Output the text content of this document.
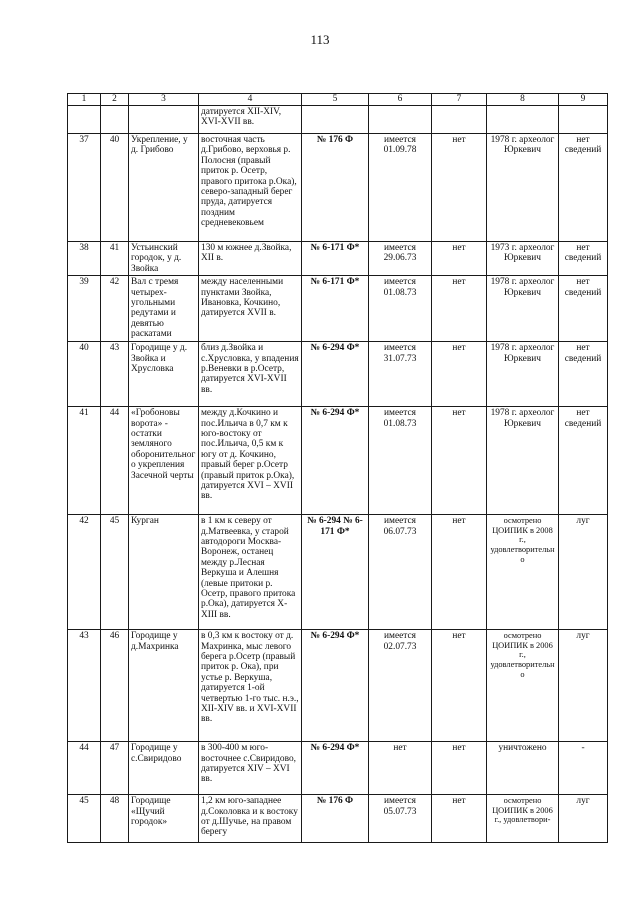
113
1	2	3	4	5	6	7	8	9
			датируется XII-XIV, XVI-XVII вв.					
37	40	Укрепление, у д. Грибово	восточная часть д.Грибово, верховья р. Полосня (правый приток р. Осетр, правого притока р.Ока), северо-западный берег пруда, датируется поздним средневековьем	№ 176 Ф	имеется 01.09.78	нет	1978 г. археолог Юркевич	нет сведений
38	41	Устьинский городок, у д. Звойка	130 м южнее д.Звойка, XII в.	№ 6-171 Ф*	имеется 29.06.73	нет	1973 г. археолог Юркевич	нет сведений
39	42	Вал с тремя четырех-угольными редутами и девятью раскатами	между населенными пунктами Звойка, Ивановка, Кочкино, датируется XVII в.	№ 6-171 Ф*	имеется 01.08.73	нет	1978 г. археолог Юркевич	нет сведений
40	43	Городище у д. Звойка и Хрусловка	близ д.Звойка и с.Хрусловка, у впадения р.Веневки в р.Осетр, датируется XVI-XVII вв.	№ 6-294 Ф*	имеется 31.07.73	нет	1978 г. археолог Юркевич	нет сведений
41	44	«Гробоновы ворота» - остатки земляного оборонительного укрепления Засечной черты	между д.Кочкино и пос.Ильича в 0,7 км к юго-востоку от пос.Ильича, 0,5 км к югу от д. Кочкино, правый берег р.Осетр (правый приток р.Ока), датируется XVI – XVII вв.	№ 6-294 Ф*	имеется 01.08.73	нет	1978 г. археолог Юркевич	нет сведений
42	45	Курган	в 1 км к северу от д.Матвеевка, у старой автодороги Москва-Воронеж, останец между р.Лесная Веркуша и Алешня (левые притоки р. Осетр, правого притока р.Ока), датируется X-XIII вв.	№ 6-294 № 6-171 Ф*	имеется 06.07.73	нет	осмотрено ЦОИПИК в 2008 г., удовлетворительно	луг
43	46	Городище у д.Махринка	в 0,3 км к востоку от д. Махринка, мыс левого берега р.Осетр (правый приток р. Ока), при устье р. Веркуша, датируется 1-ой четвертью 1-го тыс. н.э., XII-XIV вв. и XVI-XVII вв.	№ 6-294 Ф*	имеется 02.07.73	нет	осмотрено ЦОИПИК в 2006 г., удовлетворительно	луг
44	47	Городище у с.Свиридово	в 300-400 м юго-восточнее с.Свиридово, датируется XIV – XVI вв.	№ 6-294 Ф*	нет	нет	уничтожено	-
45	48	Городище «Щучий городок»	1,2 км юго-западнее д.Соколовка и к востоку от д.Шучье, на правом берегу	№ 176 Ф	имеется 05.07.73	нет	осмотрено ЦОИПИК в 2006 г., удовлетвори-	луг
